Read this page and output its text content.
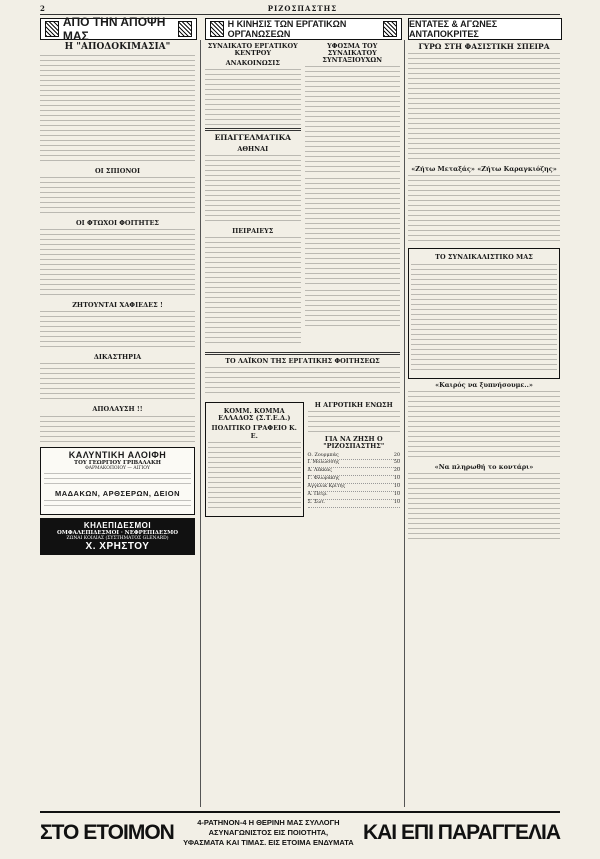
2	ΡΙΖΟΣΠΑΣΤΗΣ
ΑΠΟ ΤΗΝ ΑΠΟΨΗ ΜΑΣ
Η ΚΙΝΗΣΙΣ ΤΩΝ ΕΡΓΑΤΙΚΩΝ ΟΡΓΑΝΩΣΕΩΝ
ΕΝΤΑΤΕΣ & ΑΓΩΝΕΣ ΑΝΤΑΠΟΚΡΙΤΕΣ
Η "ΑΠΟΔΟΚΙΜΑΣΙΑ"
ΟΙ ΣΠΙΟΝΟΙ
ΟΙ ΦΤΩΧΟΙ ΦΟΙΤΗΤΕΣ
ΖΗΤΟΥΝΤΑΙ ΧΑΦΙΕΔΕΣ !
ΔΙΚΑΣΤΗΡΙΑ
ΑΠΟΛΑΥΣΗ !!
ΚΑΛΥΝΤΙΚΗ ΑΛΟΙΦΗ
ΤΟΥ ΓΕΩΡΓΙΟΥ ΓΡΙΒΑΛΑΚΗ
ΦΑΡΜΑΚΟΠΟΙΟΥ — ΑΙΓΙΟΥ
ΜΑΔΑΚΩΝ, ΑΡΘΣΕΡΩΝ, ΔΕΙΟΝ
ΚΗΛΕΠΙΔΕΣΜΟΙ
ΟΜΦΑΛΕΠΙΔΕΣΜΟΙ · ΝΕΦΡΕΠΙΔΕΣΜΟ
ΖΩΝΑΙ ΚΟΙΛΙΑΣ (ΣΥΣΤΗΜΑΤΟΣ GLENARD)
Χ. ΧΡΗΣΤΟΥ
ΣΥΝΔΙΚΑΤΟ ΕΡΓΑΤΙΚΟΥ ΚΕΝΤΡΟΥ
ΑΝΑΚΟΙΝΩΣΙΣ
ΕΠΑΓΓΕΛΜΑΤΙΚΑ
ΑΘΗΝΑΙ
ΠΕΙΡΑΙΕΥΣ
ΥΦΟΣΜΑ ΤΟΥ ΣΥΝΔΙΚΑΤΟΥ ΣΥΝΤΑΞΙΟΥΧΩΝ
ΤΟ ΛΑΪΚΟΝ ΤΗΣ ΕΡΓΑΤΙΚΗΣ ΦΟΙΤΗΣΕΩΣ
ΚΟΜΜ. ΚΟΜΜΑ ΕΛΛΑΔΟΣ (Σ.Τ.Ε.Δ.)
ΠΟΛΙΤΙΚΟ ΓΡΑΦΕΙΟ Κ. Ε.
Η ΑΓΡΟΤΙΚΗ ΕΝΩΣΗ
ΓΙΑ ΝΑ ΖΗΣΗ Ο "ΡΙΖΟΣΠΑΣΤΗΣ"
Ο. Ζουρμπάς	20
Ι. Μολώσσης	50
Δ. Λέκκας	20
Γ. Φλωράκης	10
Αγγελικ Κρίτης	10
Α. Πετρ.	10
Σ. Σωτ.	10
ΓΥΡΩ ΣΤΗ ΦΑΣΙΣΤΙΚΗ ΣΠΕΙΡΑ
«Ζήτω Μεταξάς» «Ζήτω Καραγκιόζης»
ΤΟ ΣΥΝΔΙΚΑΛΙΣΤΙΚΟ ΜΑΣ
«Καιρός να ξυπνήσουμε..»
«Να πληρωθή το κοντάρι»
ΣΤΟ ΕΤΟΙΜΟΝ	4-ΡΑΤΗΝΟΝ-4 Η ΘΕΡΙΝΗ ΜΑΣ ΣΥΛΛΟΓΗ ΑΣΥΝΑΓΩΝΙΣΤΟΣ ΕΙΣ ΠΟΙΟΤΗΤΑ,
ΥΦΑΣΜΑΤΑ ΚΑΙ ΤΙΜΑΣ. ΕΙΣ ΕΤΟΙΜΑ ΕΝΔΥΜΑΤΑ ΚΑΙ ΕΠΙ ΠΑΡΑΓΓΕΛΙΑ
